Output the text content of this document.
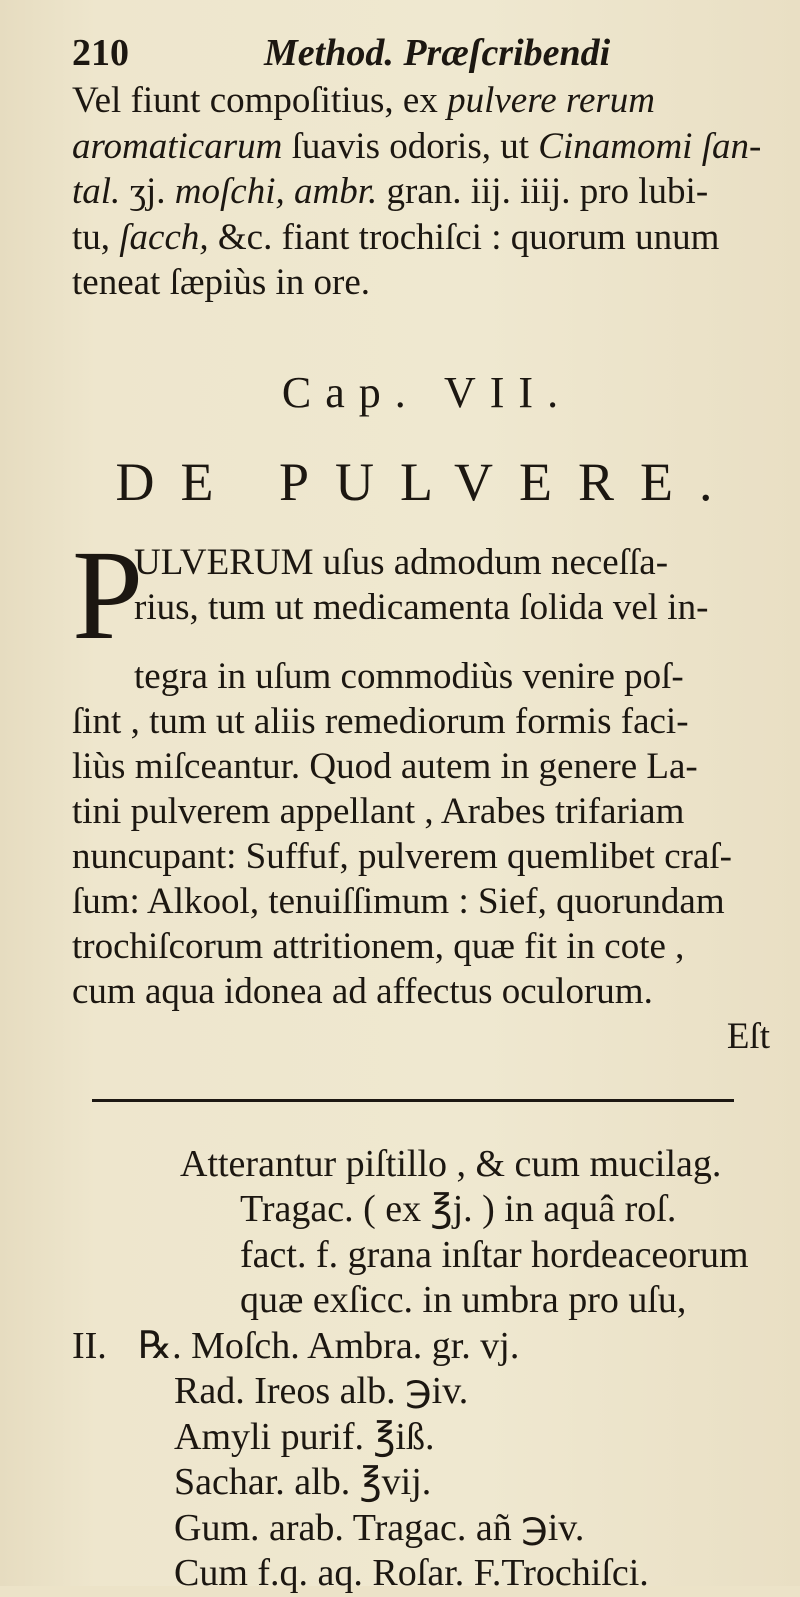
210	Method. Præſcribendi
Vel fiunt compoſitius, ex pulvere rerum
aromaticarum ſuavis odoris, ut Cinamomi ſan-
tal. ʒj. moſchi, ambr. gran. iij. iiij. pro lubi-
tu, ſacch, &c. fiant trochiſci : quorum unum
teneat ſæpiùs in ore.
Cap. VII.
DE PULVERE.
P
ULVERUM uſus admodum neceſſa-
rius, tum ut medicamenta ſolida vel in-
tegra in uſum commodiùs venire poſ-
ſint , tum ut aliis remediorum formis faci-
liùs miſceantur. Quod autem in genere La-
tini pulverem appellant , Arabes trifariam
nuncupant: Suffuf, pulverem quemlibet craſ-
ſum: Alkool, tenuiſſimum : Sief, quorundam
trochiſcorum attritionem, quæ fit in cote ,
cum aqua idonea ad affectus oculorum.
Eſt
Atterantur piſtillo , & cum mucilag.
Tragac. ( ex ℥j. ) in aquâ roſ.
fact. f. grana inſtar hordeaceorum
quæ exſicc. in umbra pro uſu,
II. ℞. Moſch. Ambra. gr. vj.
Rad. Ireos alb. ℈iv.
Amyli purif. ℥iß.
Sachar. alb. ℥vij.
Gum. arab. Tragac. añ ℈iv.
Cum f.q. aq. Roſar. F.Trochiſci.
